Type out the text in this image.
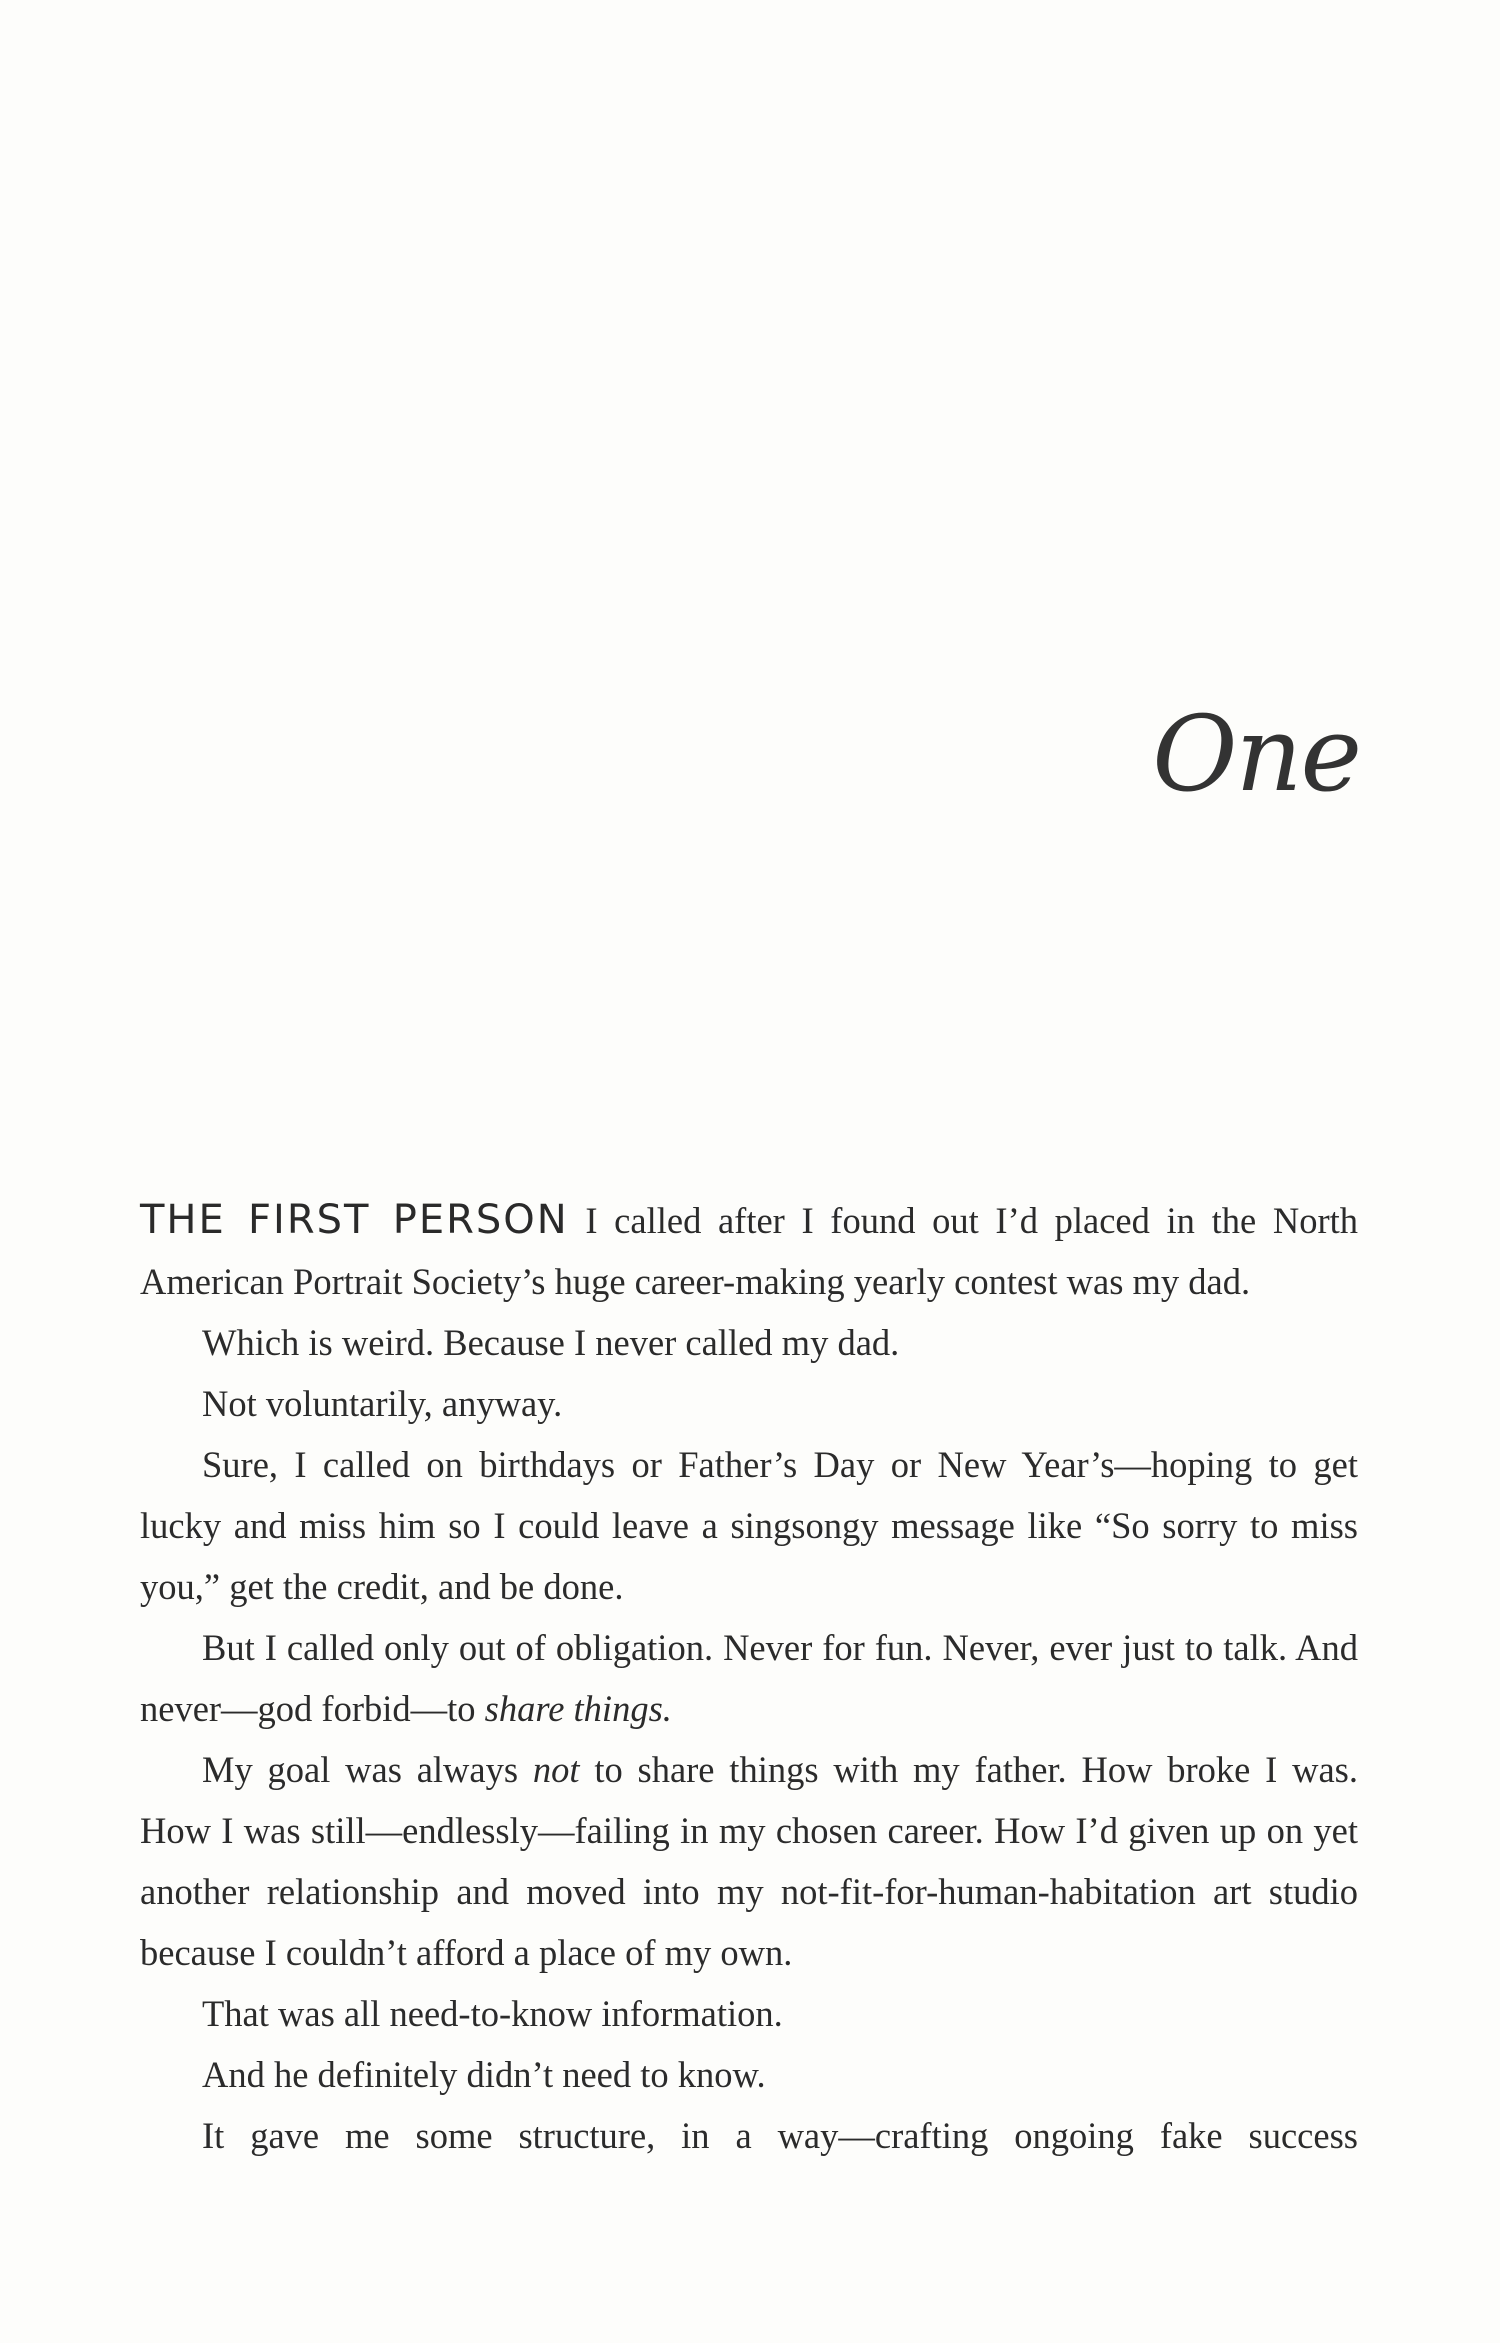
One

THE FIRST PERSON I called after I found out I’d placed in the North American Portrait Society’s huge career-making yearly contest was my dad.

Which is weird. Because I never called my dad.

Not voluntarily, anyway.

Sure, I called on birthdays or Father’s Day or New Year’s—hoping to get lucky and miss him so I could leave a singsongy message like “So sorry to miss you,” get the credit, and be done.

But I called only out of obligation. Never for fun. Never, ever just to talk. And never—god forbid—to share things.

My goal was always not to share things with my father. How broke I was. How I was still—endlessly—failing in my chosen career. How I’d given up on yet another relationship and moved into my not-fit-for-human-habitation art studio because I couldn’t afford a place of my own.

That was all need-to-know information.

And he definitely didn’t need to know.

It gave me some structure, in a way—crafting ongoing fake success
